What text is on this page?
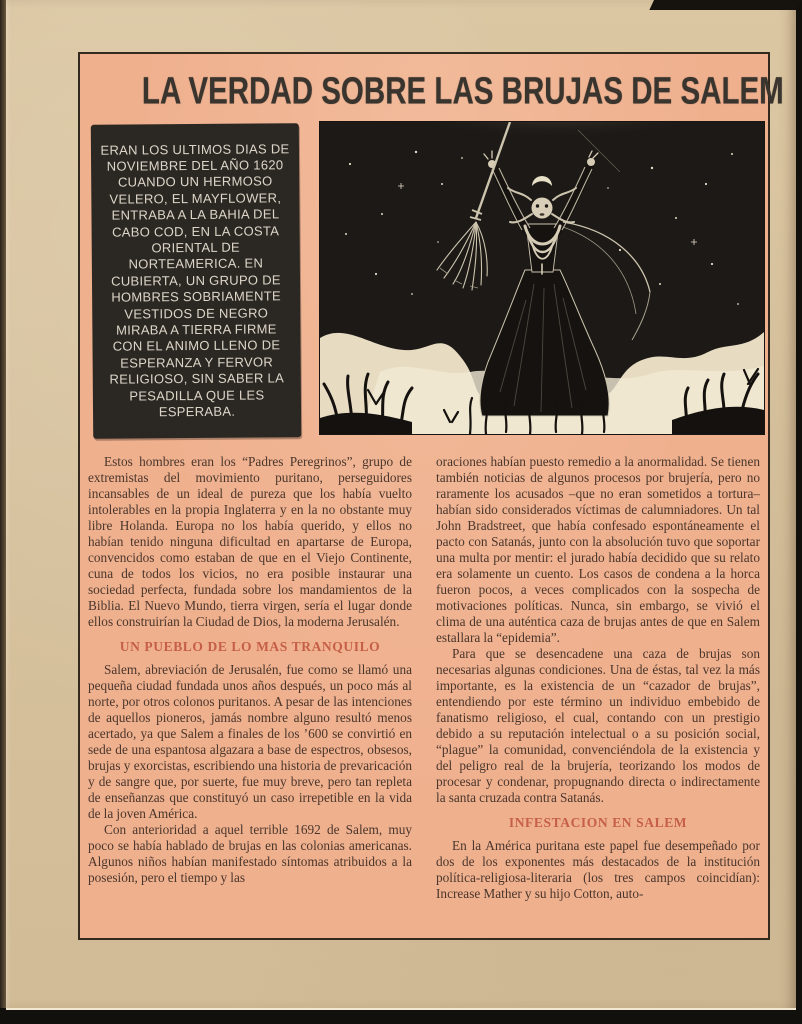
LA VERDAD SOBRE LAS BRUJAS DE SALEM

ERAN LOS ULTIMOS DIAS DE NOVIEMBRE DEL AÑO 1620 CUANDO UN HERMOSO VELERO, EL MAYFLOWER, ENTRABA A LA BAHIA DEL CABO COD, EN LA COSTA ORIENTAL DE NORTEAMERICA. EN CUBIERTA, UN GRUPO DE HOMBRES SOBRIAMENTE VESTIDOS DE NEGRO MIRABA A TIERRA FIRME CON EL ANIMO LLENO DE ESPERANZA Y FERVOR RELIGIOSO, SIN SABER LA PESADILLA QUE LES ESPERABA.

Estos hombres eran los “Padres Peregrinos”, grupo de extremistas del movimiento puritano, perseguidores incansables de un ideal de pureza que los había vuelto intolerables en la propia Inglaterra y en la no obstante muy libre Holanda. Europa no los había querido, y ellos no habían tenido ninguna dificultad en apartarse de Europa, convencidos como estaban de que en el Viejo Continente, cuna de todos los vicios, no era posible instaurar una sociedad perfecta, fundada sobre los mandamientos de la Biblia. El Nuevo Mundo, tierra virgen, sería el lugar donde ellos construirían la Ciudad de Dios, la moderna Jerusalén.

UN PUEBLO DE LO MAS TRANQUILO

Salem, abreviación de Jerusalén, fue como se llamó una pequeña ciudad fundada unos años después, un poco más al norte, por otros colonos puritanos. A pesar de las intenciones de aquellos pioneros, jamás nombre alguno resultó menos acertado, ya que Salem a finales de los ’600 se convirtió en sede de una espantosa algazara a base de espectros, obsesos, brujas y exorcistas, escribiendo una historia de prevaricación y de sangre que, por suerte, fue muy breve, pero tan repleta de enseñanzas que constituyó un caso irrepetible en la vida de la joven América.

Con anterioridad a aquel terrible 1692 de Salem, muy poco se había hablado de brujas en las colonias americanas. Algunos niños habían manifestado síntomas atribuidos a la posesión, pero el tiempo y las

oraciones habían puesto remedio a la anormalidad. Se tienen también noticias de algunos procesos por brujería, pero no raramente los acusados –que no eran sometidos a tortura– habían sido considerados víctimas de calumniadores. Un tal John Bradstreet, que había confesado espontáneamente el pacto con Satanás, junto con la absolución tuvo que soportar una multa por mentir: el jurado había decidido que su relato era solamente un cuento. Los casos de condena a la horca fueron pocos, a veces complicados con la sospecha de motivaciones políticas. Nunca, sin embargo, se vivió el clima de una auténtica caza de brujas antes de que en Salem estallara la “epidemia”.

Para que se desencadene una caza de brujas son necesarias algunas condiciones. Una de éstas, tal vez la más importante, es la existencia de un “cazador de brujas”, entendiendo por este término un individuo embebido de fanatismo religioso, el cual, contando con un prestigio debido a su reputación intelectual o a su posición social, “plague” la comunidad, convenciéndola de la existencia y del peligro real de la brujería, teorizando los modos de procesar y condenar, propugnando directa o indirectamente la santa cruzada contra Satanás.

INFESTACION EN SALEM

En la América puritana este papel fue desempeñado por dos de los exponentes más destacados de la institución política-religiosa-literaria (los tres campos coincidían): Increase Mather y su hijo Cotton, auto-
